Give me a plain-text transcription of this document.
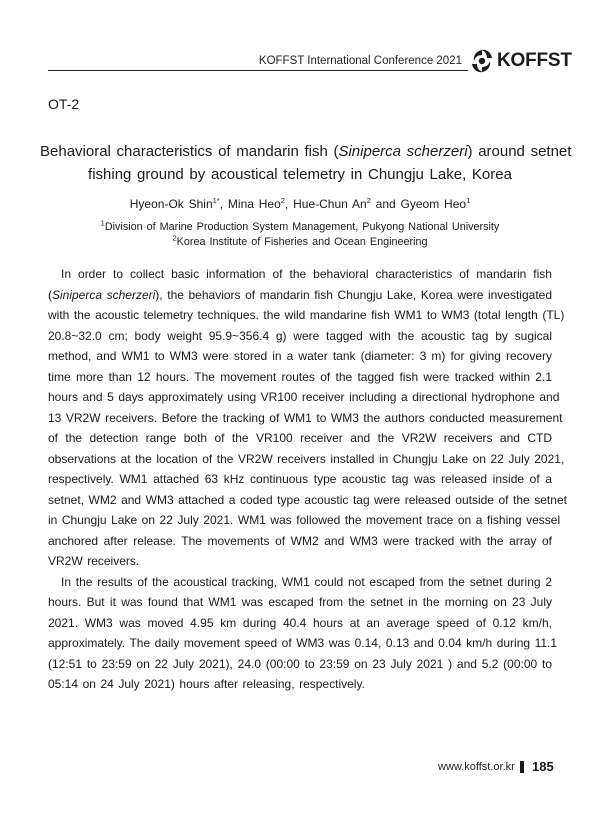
KOFFST International Conference 2021 KOFFST
OT-2
Behavioral characteristics of mandarin fish (Siniperca scherzeri) around setnet
fishing ground by acoustical telemetry in Chungju Lake, Korea
Hyeon-Ok Shin$^{1*}$, Mina Heo$^2$, Hue-Chun An$^2$ and Gyeom Heo$^1$
$^1$Division of Marine Production System Management, Pukyong National University
$^2$Korea Institute of Fisheries and Ocean Engineering

In order to collect basic information of the behavioral characteristics of mandarin fish
(Siniperca scherzeri), the behaviors of mandarin fish Chungju Lake, Korea were investigated
with the acoustic telemetry techniques. the wild mandarine fish WM1 to WM3 (total length (TL)
20.8~32.0 cm; body weight 95.9~356.4 g) were tagged with the acoustic tag by sugical
method, and WM1 to WM3 were stored in a water tank (diameter: 3 m) for giving recovery
time more than 12 hours. The movement routes of the tagged fish were tracked within 2.1
hours and 5 days approximately using VR100 receiver including a directional hydrophone and
13 VR2W receivers. Before the tracking of WM1 to WM3 the authors conducted measurement
of the detection range both of the VR100 receiver and the VR2W receivers and CTD
observations at the location of the VR2W receivers installed in Chungju Lake on 22 July 2021,
respectively. WM1 attached 63 kHz continuous type acoustic tag was released inside of a
setnet, WM2 and WM3 attached a coded type acoustic tag were released outside of the setnet
in Chungju Lake on 22 July 2021. WM1 was followed the movement trace on a fishing vessel
anchored after release. The movements of WM2 and WM3 were tracked with the array of
VR2W receivers.

In the results of the acoustical tracking, WM1 could not escaped from the setnet during 2
hours. But it was found that WM1 was escaped from the setnet in the morning on 23 July
2021. WM3 was moved 4.95 km during 40.4 hours at an average speed of 0.12 km/h,
approximately. The daily movement speed of WM3 was 0.14, 0.13 and 0.04 km/h during 11.1
(12:51 to 23:59 on 22 July 2021), 24.0 (00:00 to 23:59 on 23 July 2021 ) and 5.2 (00:00 to
05:14 on 24 July 2021) hours after releasing, respectively.

www.koffst.or.kr 185
